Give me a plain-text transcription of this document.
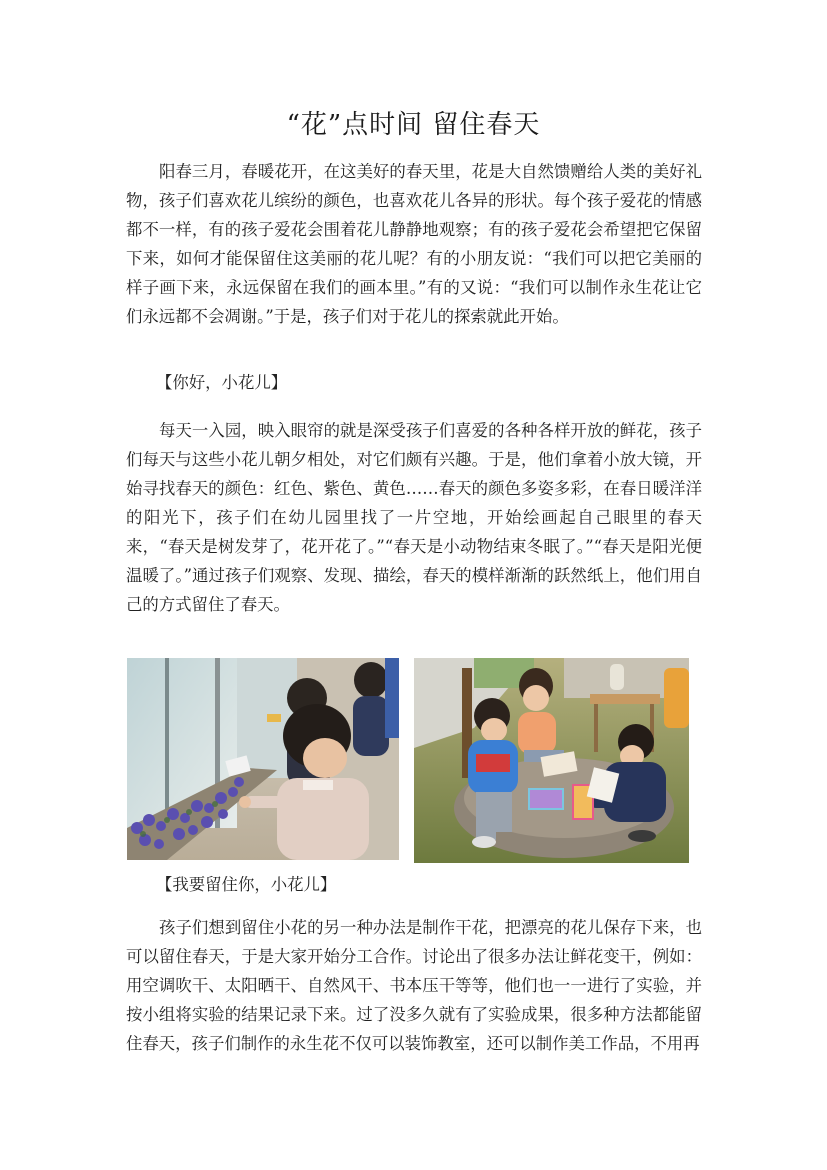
“花”点时间 留住春天

阳春三月，春暖花开，在这美好的春天里，花是大自然馈赠给人类的美好礼物，孩子们喜欢花儿缤纷的颜色，也喜欢花儿各异的形状。每个孩子爱花的情感都不一样，有的孩子爱花会围着花儿静静地观察；有的孩子爱花会希望把它保留下来，如何才能保留住这美丽的花儿呢？有的小朋友说：“我们可以把它美丽的样子画下来，永远保留在我们的画本里。”有的又说：“我们可以制作永生花让它们永远都不会凋谢。”于是，孩子们对于花儿的探索就此开始。

【你好，小花儿】

每天一入园，映入眼帘的就是深受孩子们喜爱的各种各样开放的鲜花，孩子们每天与这些小花儿朝夕相处，对它们颇有兴趣。于是，他们拿着小放大镜，开始寻找春天的颜色：红色、紫色、黄色……春天的颜色多姿多彩，在春日暖洋洋的阳光下，孩子们在幼儿园里找了一片空地，开始绘画起自己眼里的春天来，“春天是树发芽了，花开花了。”“春天是小动物结束冬眠了。”“春天是阳光便温暖了。”通过孩子们观察、发现、描绘，春天的模样渐渐的跃然纸上，他们用自己的方式留住了春天。

【我要留住你，小花儿】

孩子们想到留住小花的另一种办法是制作干花，把漂亮的花儿保存下来，也可以留住春天，于是大家开始分工合作。讨论出了很多办法让鲜花变干，例如：用空调吹干、太阳晒干、自然风干、书本压干等等，他们也一一进行了实验，并按小组将实验的结果记录下来。过了没多久就有了实验成果，很多种方法都能留住春天，孩子们制作的永生花不仅可以装饰教室，还可以制作美工作品，不用再
